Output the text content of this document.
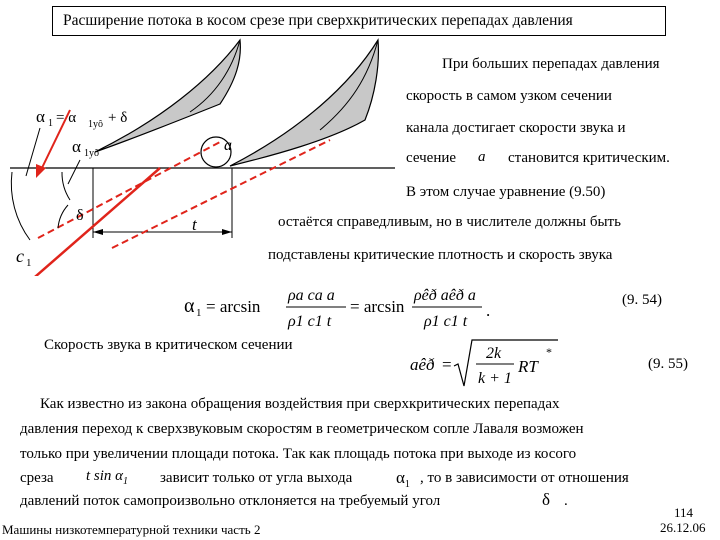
Расширение потока в косом срезе при сверхкритических перепадах давления
α 1 = α 1уô + δ
α 1уô
δ	t
c 1
a
При больших перепадах давления
скорость в самом узком сечении
канала достигает скорости звука и
сечение a становится критическим.
В этом случае уравнение (9.50)
остаётся справедливым, но в числителе должны быть
подставлены критические плотность и скорость звука
α 1 = arcsin
ρa ca a
ρ1 c1 t
= arcsin
ρêð aêð a
ρ1 c1 t
.
(9. 54)
Скорость звука в критическом сечении
aêð =
2k
k + 1
RT
*
(9. 55)
Как известно из закона обращения воздействия при сверхкритических перепадах
давления переход к сверхзвуковым скоростям в геометрическом сопле Лаваля возможен
только при увеличении площади потока. Так как площадь потока при выходе из косого
среза t $\sin \alpha_1$ зависит только от угла выхода	$\alpha_1$ , то в зависимости от отношения
давлений поток самопроизвольно отклоняется на требуемый угол	δ .
Машины низкотемпературной техники часть 2
114
26.12.06
